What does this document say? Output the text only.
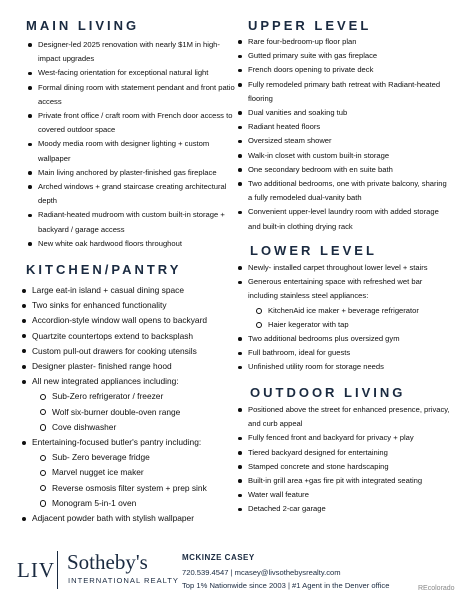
MAIN LIVING
Designer-led 2025 renovation with nearly $1M in high-impact upgrades
West-facing orientation for exceptional natural light
Formal dining room with statement pendant and front patio access
Private front office / craft room with French door access to covered outdoor space
Moody media room with designer lighting + custom wallpaper
Main living anchored by plaster-finished gas fireplace
Arched windows + grand staircase creating architectural depth
Radiant-heated mudroom with custom built-in storage + backyard / garage access
New white oak hardwood floors throughout
KITCHEN/PANTRY
Large eat-in island + casual dining space
Two sinks for enhanced functionality
Accordion-style window wall opens to backyard
Quartzite countertops extend to backsplash
Custom pull-out drawers for cooking utensils
Designer plaster- finished range hood
All new integrated appliances including:
Sub-Zero refrigerator / freezer
Wolf six-burner double-oven range
Cove dishwasher
Entertaining-focused butler's pantry including:
Sub- Zero beverage fridge
Marvel nugget ice maker
Reverse osmosis filter system + prep sink
Monogram 5-in-1 oven
Adjacent powder bath with stylish wallpaper
UPPER LEVEL
Rare four-bedroom-up floor plan
Gutted primary suite with gas fireplace
French doors opening to private deck
Fully remodeled primary bath retreat with Radiant-heated flooring
Dual vanities and soaking tub
Radiant heated floors
Oversized steam shower
Walk-in closet with custom built-in storage
One secondary bedroom with en suite bath
Two additional bedrooms, one with private balcony, sharing a fully remodeled dual-vanity bath
Convenient upper-level laundry room with added storage and built-in clothing drying rack
LOWER LEVEL
Newly- installed carpet throughout lower level + stairs
Generous entertaining space with refreshed wet bar including stainless steel appliances:
KitchenAid ice maker + beverage refrigerator
Haier kegerator with tap
Two additional bedrooms plus oversized gym
Full bathroom, ideal for guests
Unfinished utility room for storage needs
OUTDOOR LIVING
Positioned above the street for enhanced presence, privacy, and curb appeal
Fully fenced front and backyard for privacy + play
Tiered backyard designed for entertaining
Stamped concrete and stone hardscaping
Built-in grill area +gas fire pit with integrated seating
Water wall feature
Detached 2-car garage
LIV Sotheby's
INTERNATIONAL REALTY
MCKINZE CASEY
720.539.4547 | mcasey@livsothebysrealty.com
Top 1% Nationwide since 2003 | #1 Agent in the Denver office	REcolorado
